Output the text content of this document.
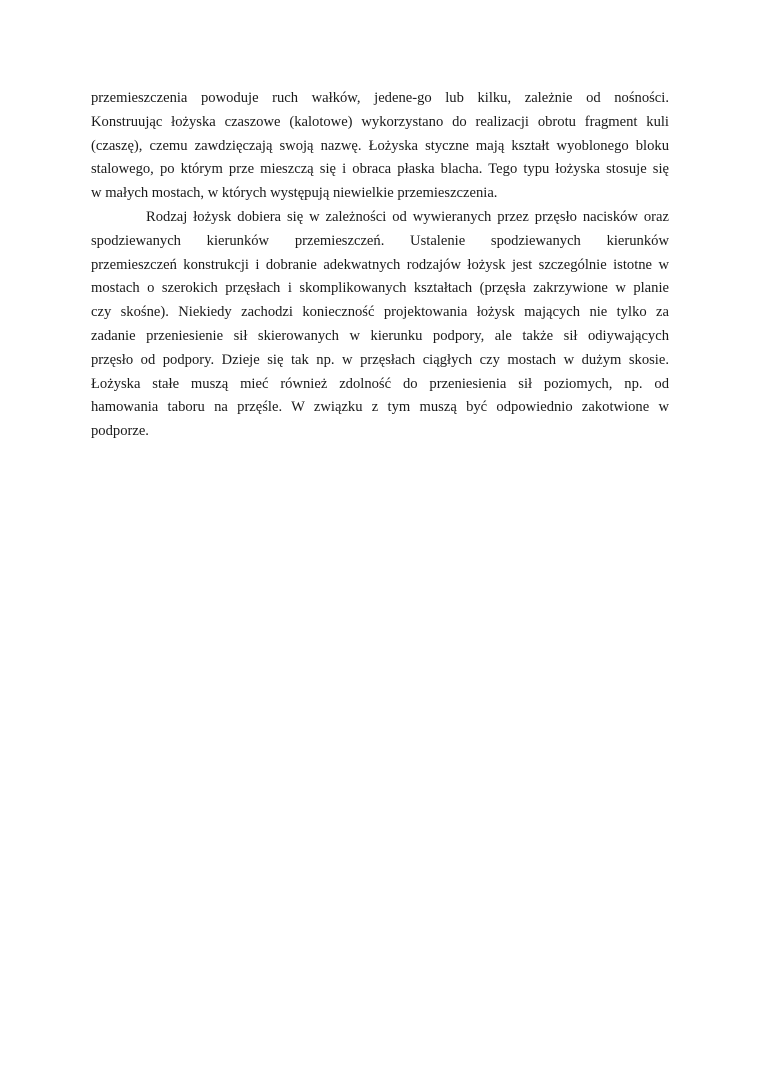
przemieszczenia powoduje ruch wałków, jedene-go lub kilku, zależnie od nośności.
Konstruując łożyska czaszowe (kalotowe) wykorzystano do realizacji obrotu fragment kuli
(czaszę), czemu zawdzięczają swoją nazwę. Łożyska styczne mają kształt wyoblonego bloku
stalowego, po którym prze mieszczą się i obraca płaska blacha. Tego typu łożyska stosuje się
w małych mostach, w których występują niewielkie przemieszczenia.
Rodzaj łożysk dobiera się w zależności od wywieranych przez przęsło nacisków oraz
spodziewanych kierunków przemieszczeń. Ustalenie spodziewanych kierunków
przemieszczeń konstrukcji i dobranie adekwatnych rodzajów łożysk jest szczególnie istotne w
mostach o szerokich przęsłach i skomplikowanych kształtach (przęsła zakrzywione w planie
czy skośne). Niekiedy zachodzi konieczność projektowania łożysk mających nie tylko za
zadanie przeniesienie sił skierowanych w kierunku podpory, ale także sił odiywających
przęsło od podpory. Dzieje się tak np. w przęsłach ciągłych czy mostach w dużym skosie.
Łożyska stałe muszą mieć również zdolność do przeniesienia sił poziomych, np. od
hamowania taboru na przęśle. W związku z tym muszą być odpowiednio zakotwione w
podporze.
